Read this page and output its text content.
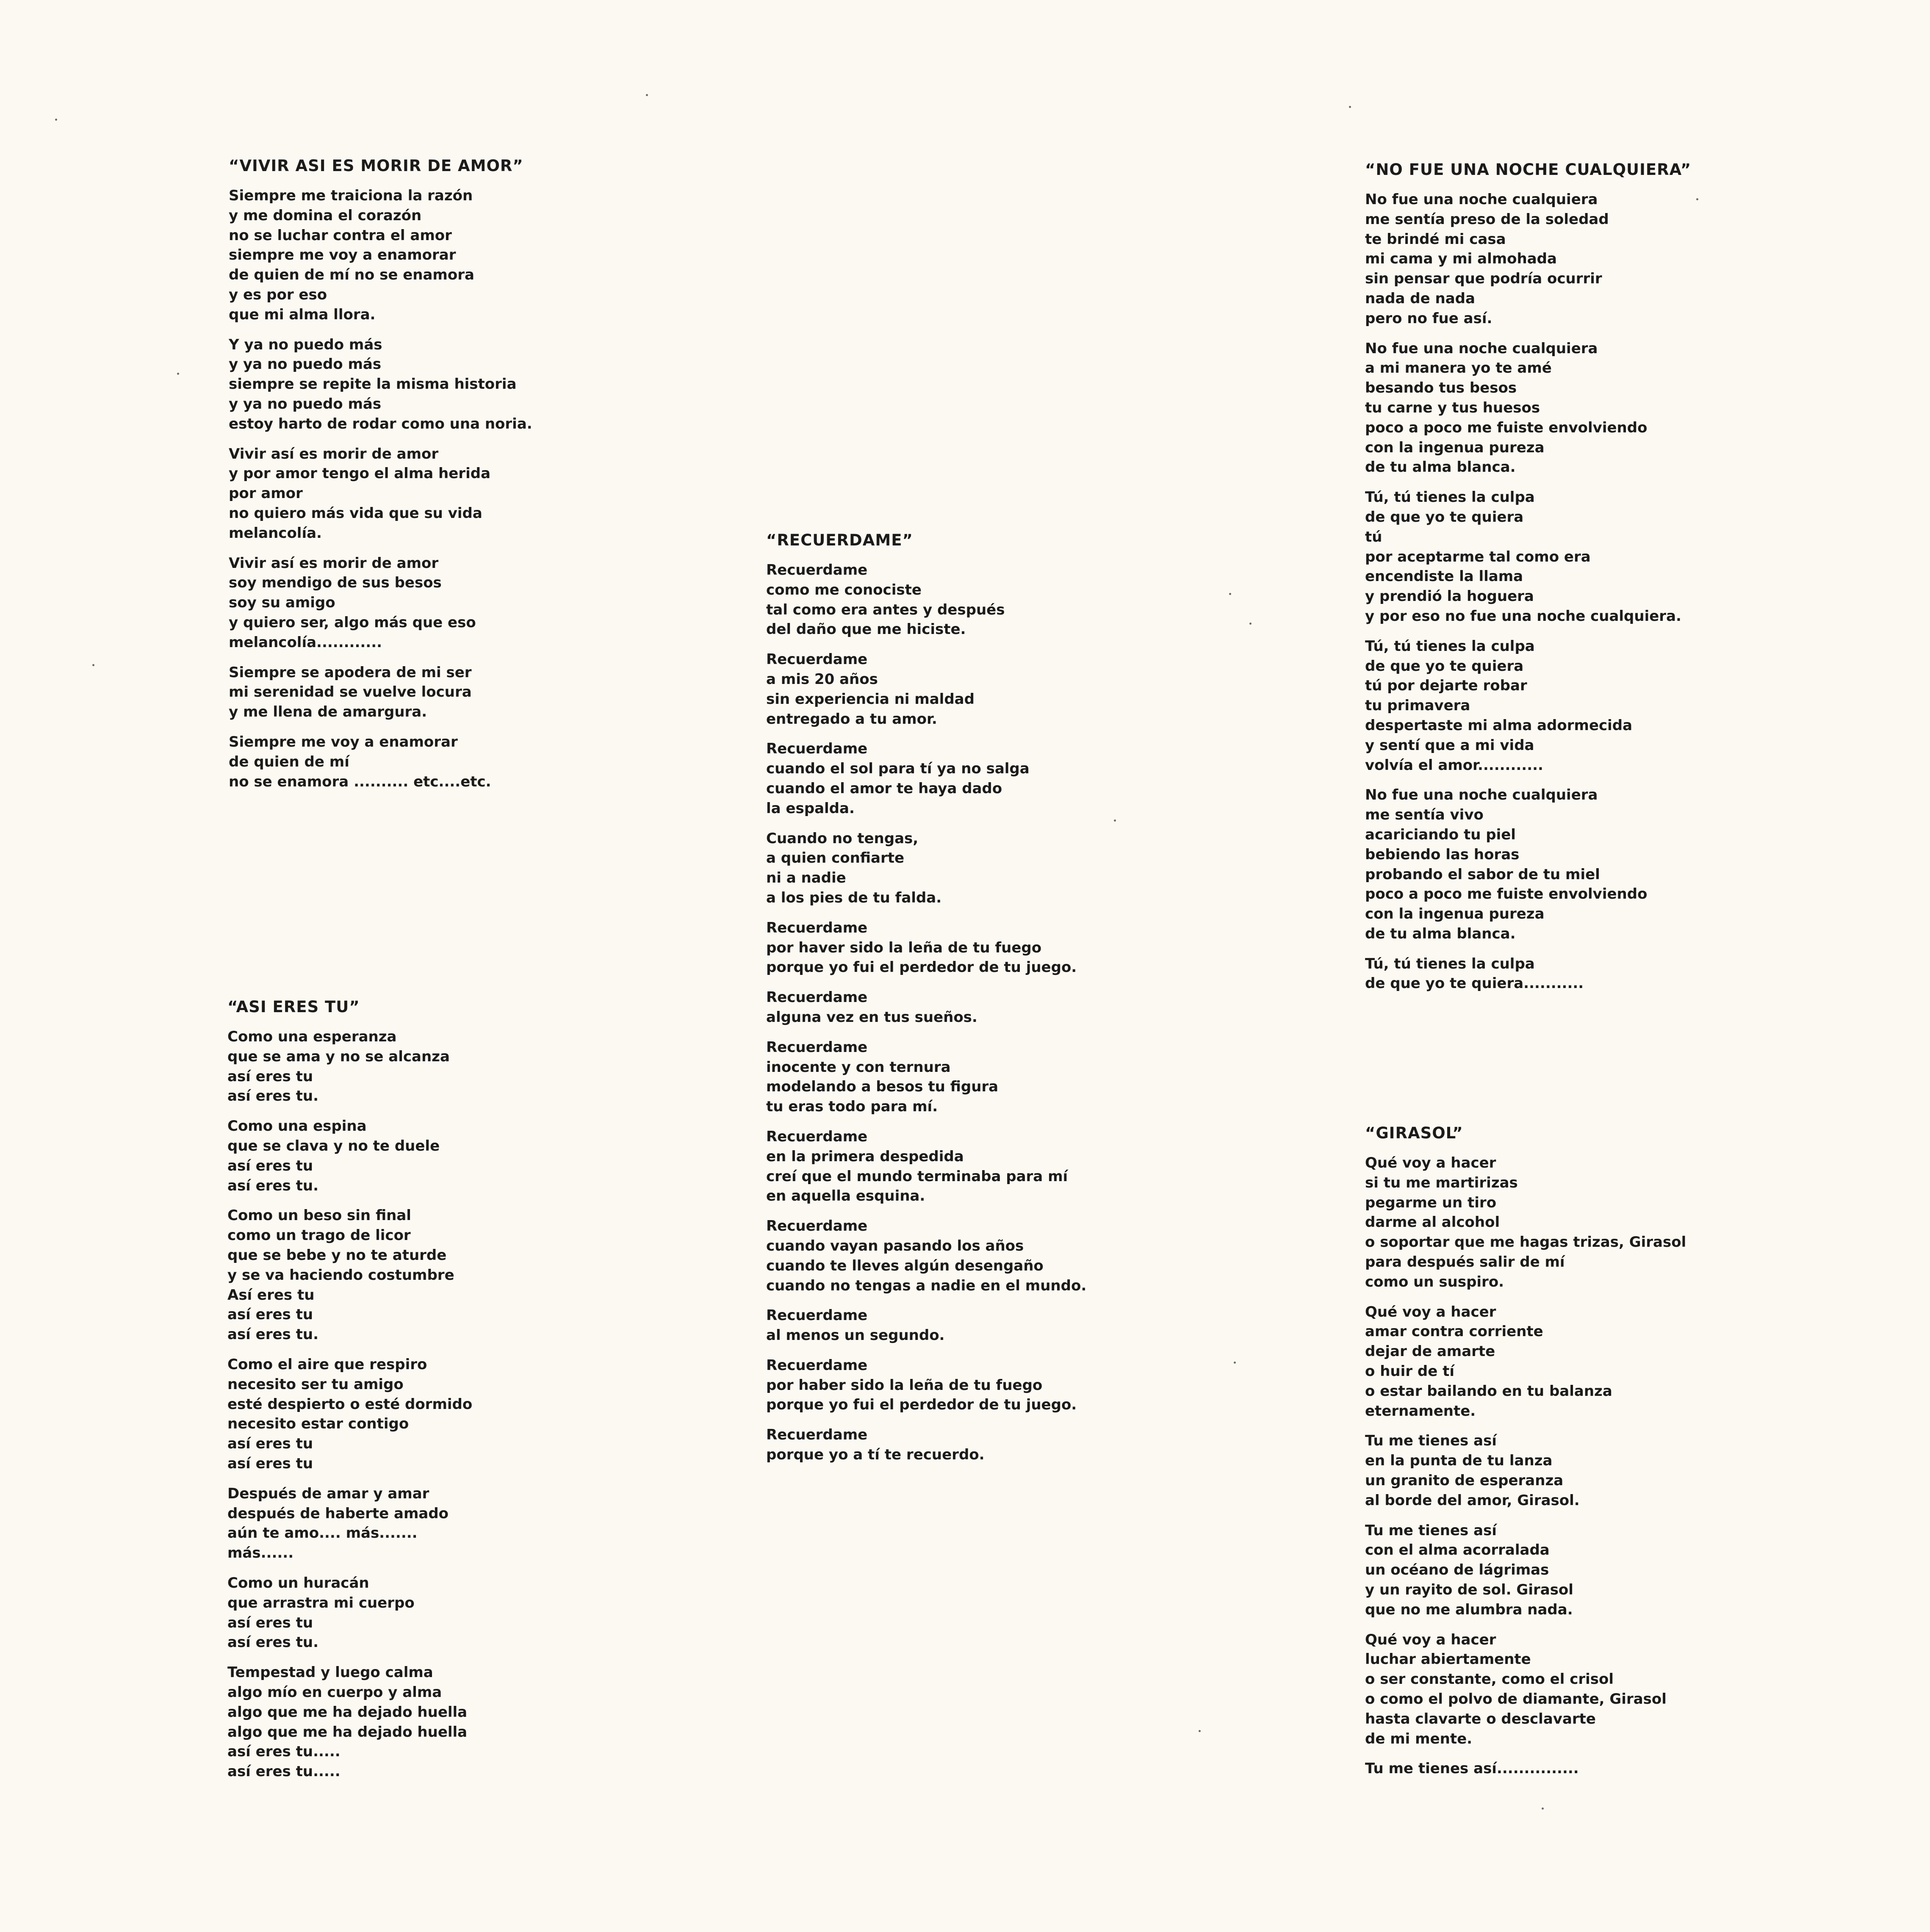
“VIVIR ASI ES MORIR DE AMOR”
Siempre me traiciona la razón
y me domina el corazón
no se luchar contra el amor
siempre me voy a enamorar
de quien de mí no se enamora
y es por eso
que mi alma llora.
Y ya no puedo más
y ya no puedo más
siempre se repite la misma historia
y ya no puedo más
estoy harto de rodar como una noria.
Vivir así es morir de amor
y por amor tengo el alma herida
por amor
no quiero más vida que su vida
melancolía.
Vivir así es morir de amor
soy mendigo de sus besos
soy su amigo
y quiero ser, algo más que eso
melancolía............
Siempre se apodera de mi ser
mi serenidad se vuelve locura
y me llena de amargura.
Siempre me voy a enamorar
de quien de mí
no se enamora .......... etc....etc.
“ASI ERES TU”
Como una esperanza
que se ama y no se alcanza
así eres tu
así eres tu.
Como una espina
que se clava y no te duele
así eres tu
así eres tu.
Como un beso sin final
como un trago de licor
que se bebe y no te aturde
y se va haciendo costumbre
Así eres tu
así eres tu
así eres tu.
Como el aire que respiro
necesito ser tu amigo
esté despierto o esté dormido
necesito estar contigo
así eres tu
así eres tu
Después de amar y amar
después de haberte amado
aún te amo.... más.......
más......
Como un huracán
que arrastra mi cuerpo
así eres tu
así eres tu.
Tempestad y luego calma
algo mío en cuerpo y alma
algo que me ha dejado huella
algo que me ha dejado huella
así eres tu.....
así eres tu.....
“RECUERDAME”
Recuerdame
como me conociste
tal como era antes y después
del daño que me hiciste.
Recuerdame
a mis 20 años
sin experiencia ni maldad
entregado a tu amor.
Recuerdame
cuando el sol para tí ya no salga
cuando el amor te haya dado
la espalda.
Cuando no tengas,
a quien confiarte
ni a nadie
a los pies de tu falda.
Recuerdame
por haver sido la leña de tu fuego
porque yo fui el perdedor de tu juego.
Recuerdame
alguna vez en tus sueños.
Recuerdame
inocente y con ternura
modelando a besos tu figura
tu eras todo para mí.
Recuerdame
en la primera despedida
creí que el mundo terminaba para mí
en aquella esquina.
Recuerdame
cuando vayan pasando los años
cuando te lleves algún desengaño
cuando no tengas a nadie en el mundo.
Recuerdame
al menos un segundo.
Recuerdame
por haber sido la leña de tu fuego
porque yo fui el perdedor de tu juego.
Recuerdame
porque yo a tí te recuerdo.
“NO FUE UNA NOCHE CUALQUIERA”
No fue una noche cualquiera
me sentía preso de la soledad
te brindé mi casa
mi cama y mi almohada
sin pensar que podría ocurrir
nada de nada
pero no fue así.
No fue una noche cualquiera
a mi manera yo te amé
besando tus besos
tu carne y tus huesos
poco a poco me fuiste envolviendo
con la ingenua pureza
de tu alma blanca.
Tú, tú tienes la culpa
de que yo te quiera
tú
por aceptarme tal como era
encendiste la llama
y prendió la hoguera
y por eso no fue una noche cualquiera.
Tú, tú tienes la culpa
de que yo te quiera
tú por dejarte robar
tu primavera
despertaste mi alma adormecida
y sentí que a mi vida
volvía el amor............
No fue una noche cualquiera
me sentía vivo
acariciando tu piel
bebiendo las horas
probando el sabor de tu miel
poco a poco me fuiste envolviendo
con la ingenua pureza
de tu alma blanca.
Tú, tú tienes la culpa
de que yo te quiera...........
“GIRASOL”
Qué voy a hacer
si tu me martirizas
pegarme un tiro
darme al alcohol
o soportar que me hagas trizas, Girasol
para después salir de mí
como un suspiro.
Qué voy a hacer
amar contra corriente
dejar de amarte
o huir de tí
o estar bailando en tu balanza
eternamente.
Tu me tienes así
en la punta de tu lanza
un granito de esperanza
al borde del amor, Girasol.
Tu me tienes así
con el alma acorralada
un océano de lágrimas
y un rayito de sol. Girasol
que no me alumbra nada.
Qué voy a hacer
luchar abiertamente
o ser constante, como el crisol
o como el polvo de diamante, Girasol
hasta clavarte o desclavarte
de mi mente.
Tu me tienes así...............
